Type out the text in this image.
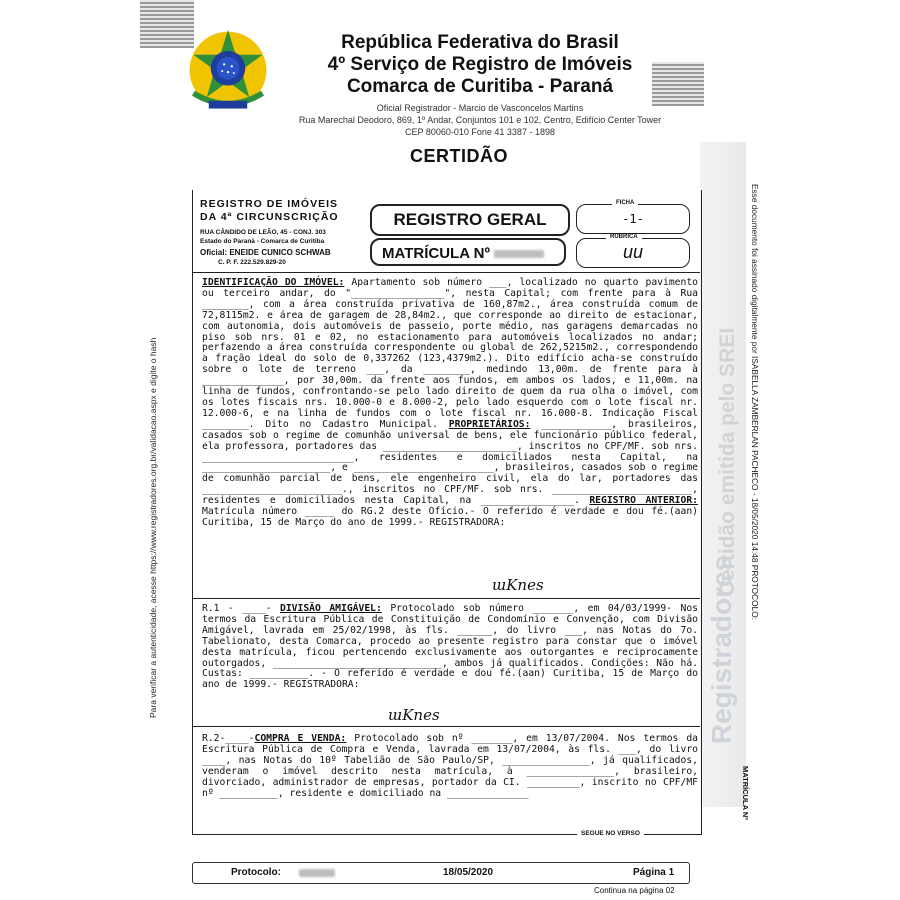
República Federativa do Brasil
4º Serviço de Registro de Imóveis
Comarca de Curitiba - Paraná
Oficial Registrador - Marcio de Vasconcelos Martins
Rua Marechal Deodoro, 869, 1º Andar, Conjuntos 101 e 102, Centro, Edifício Center Tower
CEP 80060-010 Fone 41 3387 - 1898
CERTIDÃO
Para verificar a autenticidade, acesse https://www.registradores.org.br/validacao.aspx e digite o hash	Certidão emitida pelo SREI
Registradores
Esse documento foi assinado digitalmente por ISABELLA ZAMBERLAN PACHECO - 18/05/2020 14:48 PROTOCOLO:
MATRÍCULA Nº
REGISTRO DE IMÓVEIS
DA 4ª CIRCUNSCRIÇÃO
RUA CÂNDIDO DE LEÃO, 45 - CONJ. 303
Estado do Paraná - Comarca de Curitiba
Oficial: ENEIDE CUNICO SCHWAB
C. P. F. 222.529.829-20
REGISTRO GERAL
MATRÍCULA Nº
-1-
FICHA
uu
RUBRICA

IDENTIFICAÇÃO DO IMÓVEL: Apartamento sob número ___, localizado no quarto pavimento ou terceiro andar, do "________________", nesta Capital; com frente para à Rua ________, com a área construída privativa de 160,87m2., área construída comum de 72,8115m2. e área de garagem de 28,84m2., que corresponde ao direito de estacionar, com autonomia, dois automóveis de passeio, porte médio, nas garagens demarcadas no piso sob nrs. 01 e 02, no estacionamento para automóveis localizados no andar; perfazendo a área construída correspondente ou global de 262,5215m2., correspondendo a fração ideal do solo de 0,337262 (123,4379m2.). Dito edifício acha-se construído sobre o lote de terreno ___, da ________, medindo 13,00m. de frente para à ______________, por 30,00m. da frente aos fundos, em ambos os lados, e 11,00m. na linha de fundos, confrontando-se pelo lado direito de quem da rua olha o imóvel, com os lotes fiscais nrs. 10.000-0 e 8.000-2, pelo lado esquerdo com o lote fiscal nr. 12.000-6, e na linha de fundos com o lote fiscal nr. 16.000-8. Indicação Fiscal ________. Dito no Cadastro Municipal. PROPRIETÁRIOS: ____________, brasileiros, casados sob o regime de comunhão universal de bens, ele funcionário público federal, ela professora, portadores das _______________________, inscritos no CPF/MF. sob nrs. __________________________, residentes e domiciliados nesta Capital, na ______________________, e ________________________, brasileiros, casados sob o regime de comunhão parcial de bens, ele engenheiro civil, ela do lar, portadores das ________________________., inscritos no CPF/MF. sob nrs. ________________________, residentes e domiciliados nesta Capital, na ________________. REGISTRO ANTERIOR: Matrícula número _____ do RG.2 deste Ofício.- O referido é verdade e dou fé.(aan) Curitiba, 15 de Março do ano de 1999.- REGISTRADORA:

ɯKnes

R.1 - ____- DIVISÃO AMIGÁVEL: Protocolado sob número _______, em 04/03/1999- Nos termos da Escritura Pública de Constituição de Condomínio e Convenção, com Divisão Amigável, lavrada em 25/02/1998, às fls. ______, do livro ___, nas Notas do 7o. Tabelionato, desta Comarca, procedo ao presente registro para constar que o imóvel desta matrícula, ficou pertencendo exclusivamente aos outorgantes e reciprocamente outorgados, _____________________________, ambos já qualificados. Condições: Não há. Custas: __________. - O referido é verdade e dou fé.(aan) Curitiba, 15 de Março do ano de 1999.- REGISTRADORA:

ɯKnes

R.2-____-COMPRA E VENDA: Protocolado sob nº _______, em 13/07/2004. Nos termos da Escritura Pública de Compra e Venda, lavrada em 13/07/2004, às fls. ___, do livro ____, nas Notas do 10º Tabelião de São Paulo/SP, _______________, já qualificados, venderam o imóvel descrito nesta matrícula, à _______________, brasileiro, divorciado, administrador de empresas, portador da CI. _________, inscrito no CPF/MF nº __________, residente e domiciliado na ______________

SEGUE NO VERSO
Protocolo:	18/05/2020	Página 1
Continua na página 02
